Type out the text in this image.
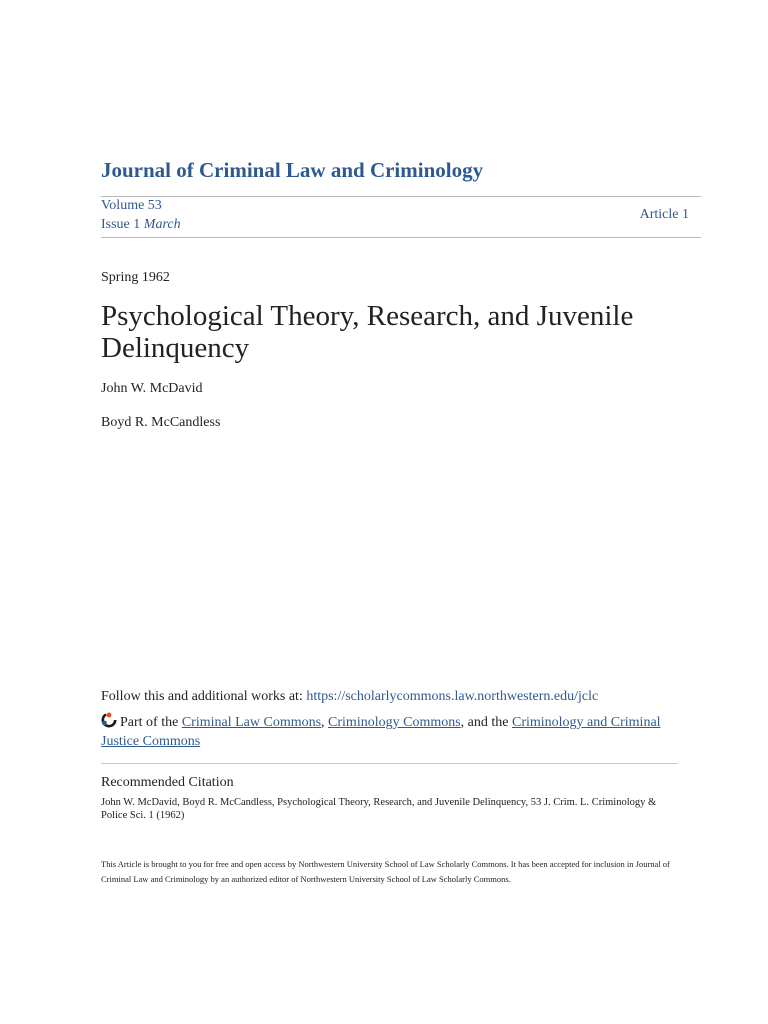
Journal of Criminal Law and Criminology
Volume 53
Issue 1 March
Article 1
Spring 1962
Psychological Theory, Research, and Juvenile
Delinquency
John W. McDavid
Boyd R. McCandless
Follow this and additional works at: https://scholarlycommons.law.northwestern.edu/jclc
Part of the Criminal Law Commons, Criminology Commons, and the Criminology and Criminal Justice Commons
Recommended Citation
John W. McDavid, Boyd R. McCandless, Psychological Theory, Research, and Juvenile Delinquency, 53 J. Crim. L. Criminology & Police Sci. 1 (1962)
This Article is brought to you for free and open access by Northwestern University School of Law Scholarly Commons. It has been accepted for inclusion in Journal of Criminal Law and Criminology by an authorized editor of Northwestern University School of Law Scholarly Commons.
